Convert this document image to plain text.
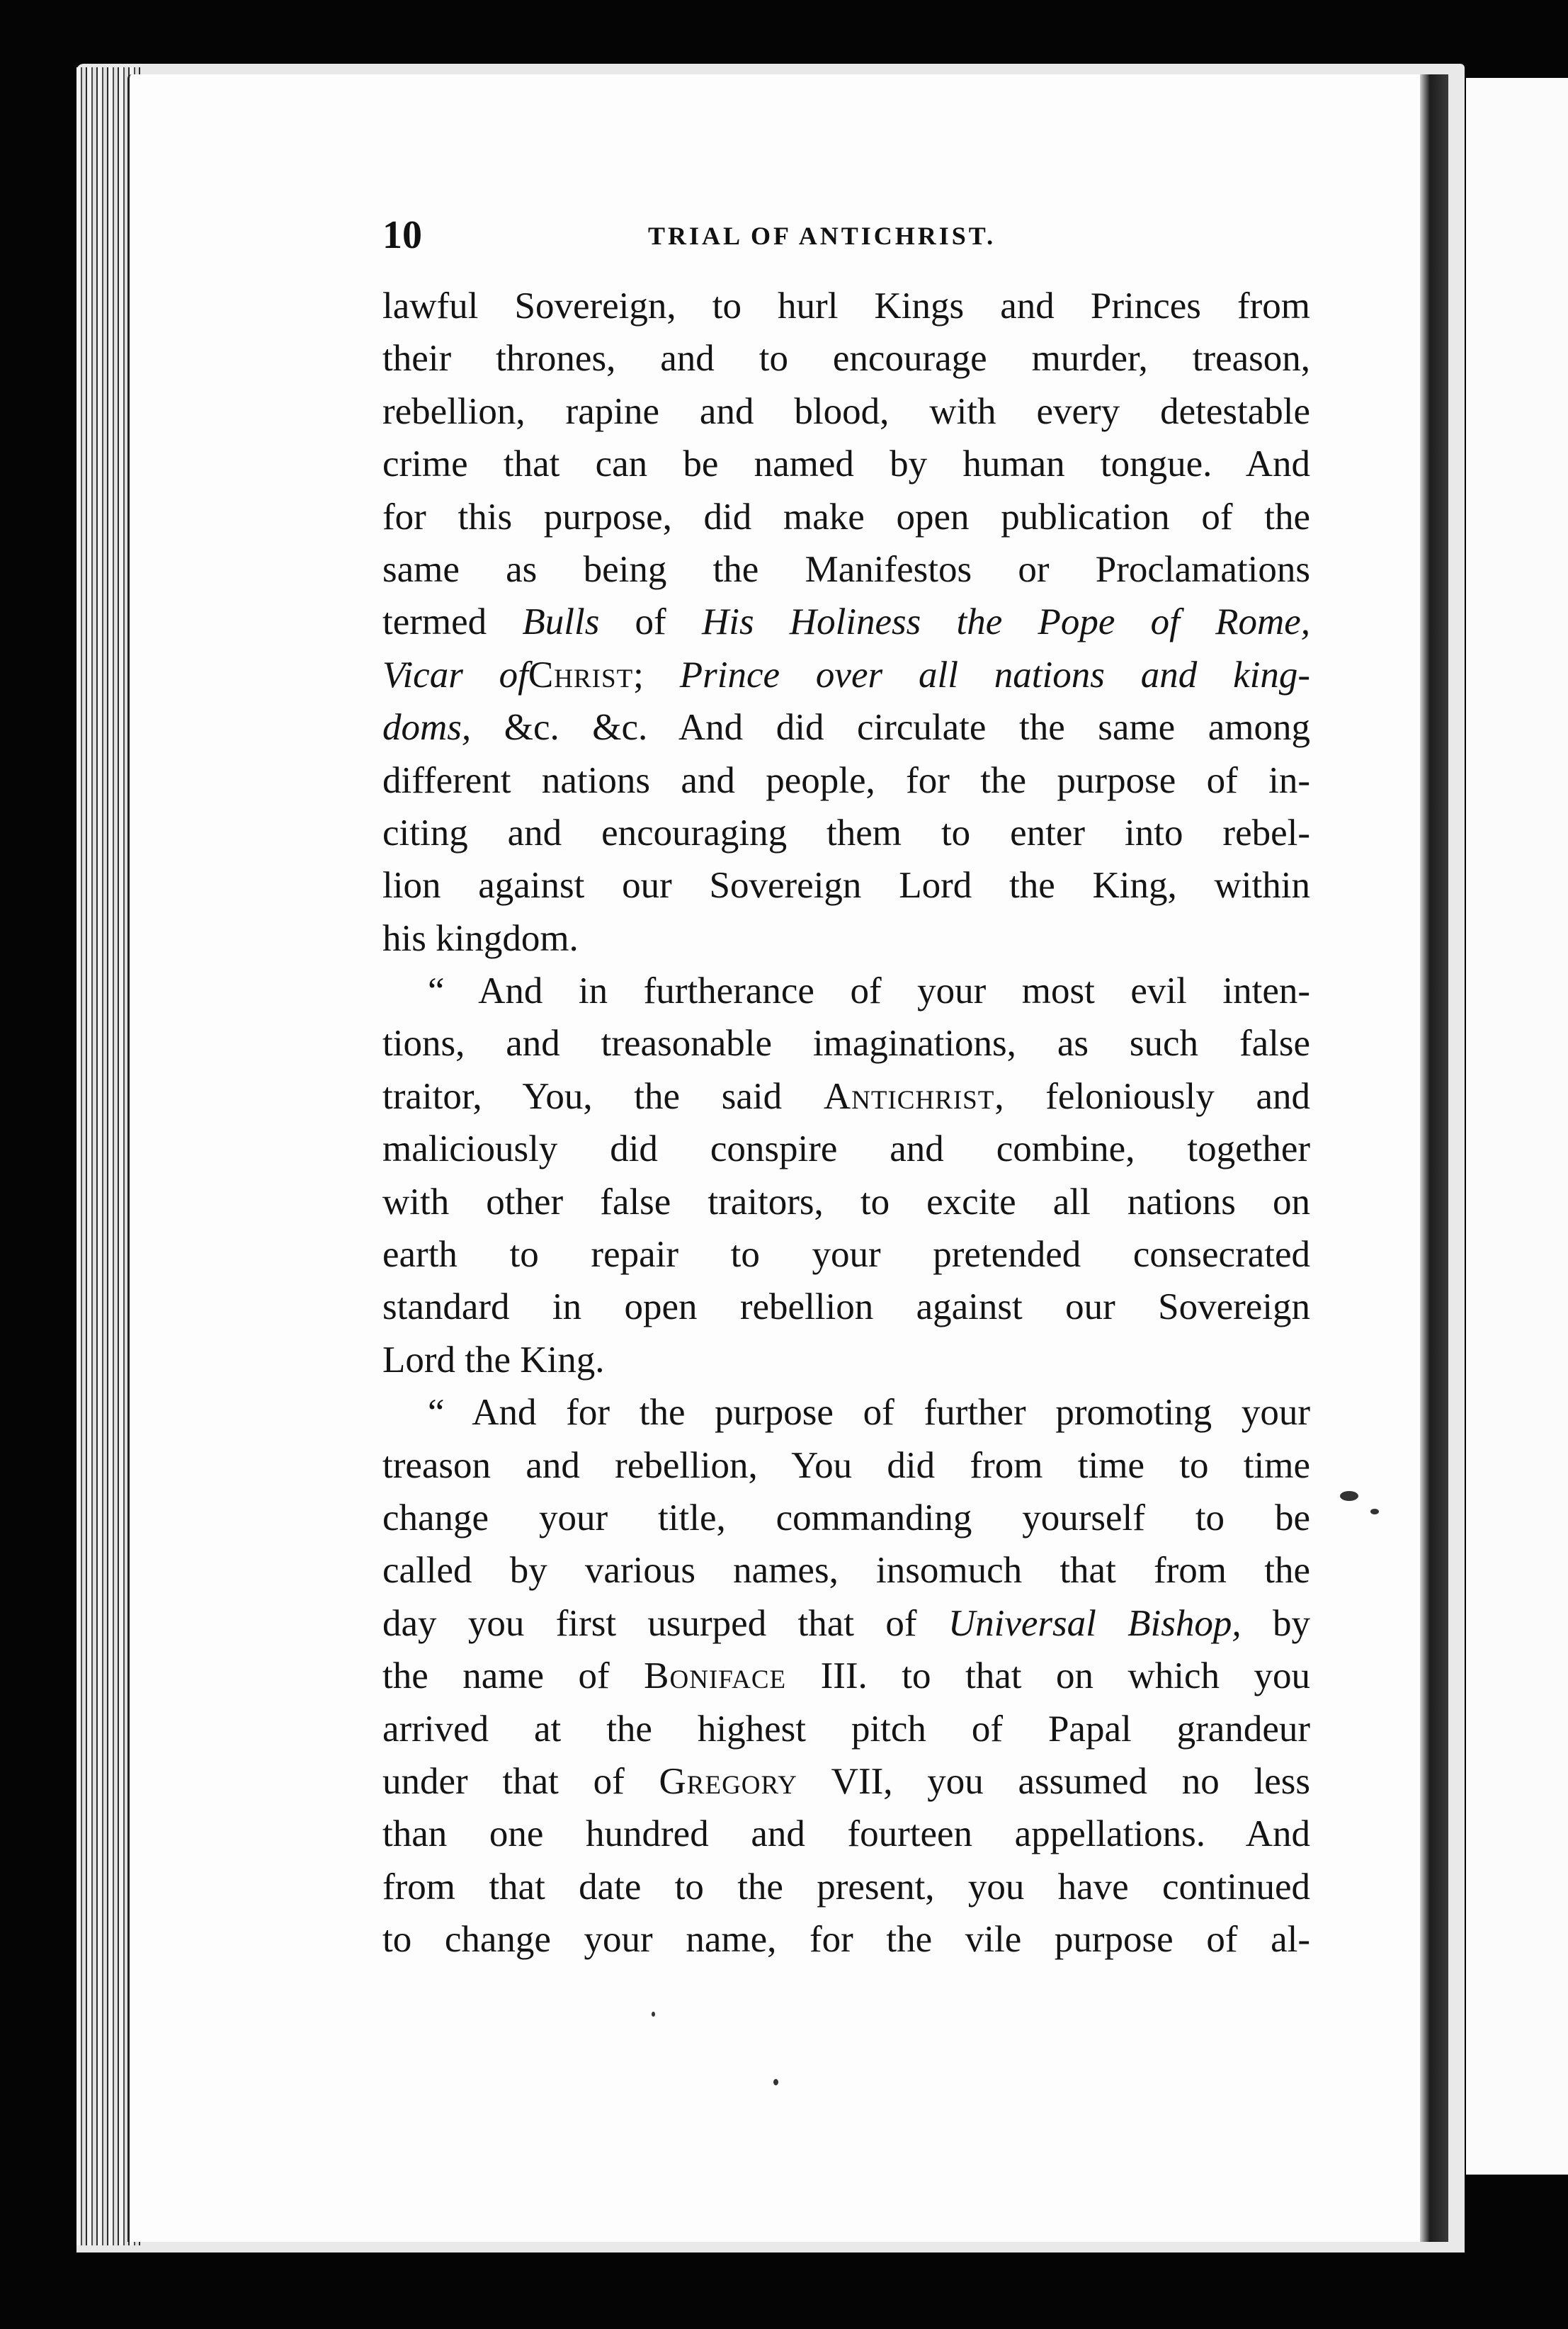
10	TRIAL OF ANTICHRIST.
lawful Sovereign, to hurl Kings and Princes from
their thrones, and to encourage murder, treason,
rebellion, rapine and blood, with every detestable
crime that can be named by human tongue. And
for this purpose, did make open publication of the
same as being the Manifestos or Proclamations
termed Bulls of His Holiness the Pope of Rome,
Vicar ofChrist; Prince over all nations and king-
doms, &c. &c. And did circulate the same among
different nations and people, for the purpose of in-
citing and encouraging them to enter into rebel-
lion against our Sovereign Lord the King, within
his kingdom.
“ And in furtherance of your most evil inten-
tions, and treasonable imaginations, as such false
traitor, You, the said Antichrist, feloniously and
maliciously did conspire and combine, together
with other false traitors, to excite all nations on
earth to repair to your pretended consecrated
standard in open rebellion against our Sovereign
Lord the King.
“ And for the purpose of further promoting your
treason and rebellion, You did from time to time
change your title, commanding yourself to be
called by various names, insomuch that from the
day you first usurped that of Universal Bishop, by
the name of Boniface III. to that on which you
arrived at the highest pitch of Papal grandeur
under that of Gregory VII, you assumed no less
than one hundred and fourteen appellations. And
from that date to the present, you have continued
to change your name, for the vile purpose of al-
